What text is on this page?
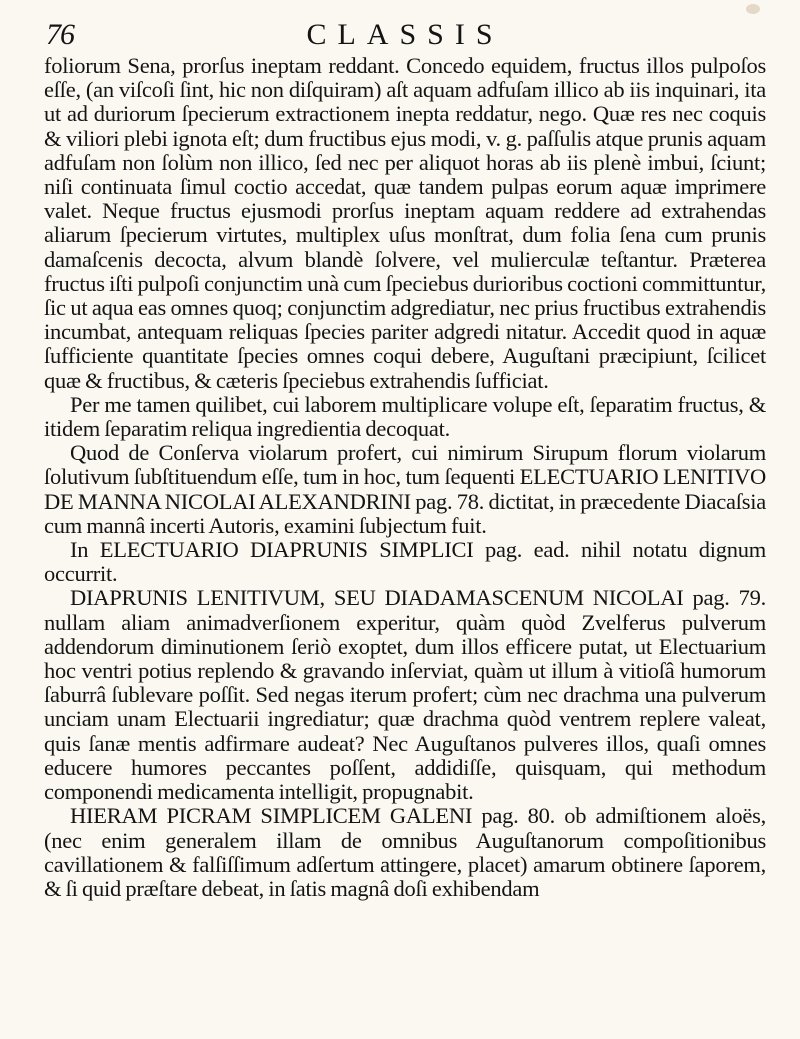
76	CLASSIS

foliorum Sena, prorſus ineptam reddant. Concedo equidem, fructus illos pulpoſos eſſe, (an viſcoſi ſint, hic non diſquiram) aſt aquam adfuſam illico ab iis inquinari, ita ut ad duriorum ſpecierum extractionem inepta reddatur, nego. Quæ res nec coquis & viliori plebi ignota eſt; dum fructibus ejus modi, v. g. paſſulis atque prunis aquam adfuſam non ſolùm non illico, ſed nec per aliquot horas ab iis plenè imbui, ſciunt; niſi continuata ſimul coctio accedat, quæ tandem pulpas eorum aquæ imprimere valet. Neque fructus ejusmodi prorſus ineptam aquam reddere ad extrahendas aliarum ſpecierum virtutes, multiplex uſus monſtrat, dum folia ſena cum prunis damaſcenis decocta, alvum blandè ſolvere, vel mulierculæ teſtantur. Præterea fructus iſti pulpoſi conjunctim unà cum ſpeciebus durioribus coctioni committuntur, ſic ut aqua eas omnes quoq; conjunctim adgrediatur, nec prius fructibus extrahendis incumbat, antequam reliquas ſpecies pariter adgredi nitatur. Accedit quod in aquæ ſufficiente quantitate ſpecies omnes coqui debere, Auguſtani præcipiunt, ſcilicet quæ & fructibus, & cæteris ſpeciebus extrahendis ſufficiat.

Per me tamen quilibet, cui laborem multiplicare volupe eſt, ſeparatim fructus, & itidem ſeparatim reliqua ingredientia decoquat.

Quod de Conſerva violarum profert, cui nimirum Sirupum florum violarum ſolutivum ſubſtituendum eſſe, tum in hoc, tum ſequenti ELECTUARIO LENITIVO DE MANNA NICOLAI ALEXANDRINI pag. 78. dictitat, in præcedente Diacaſsia cum mannâ incerti Autoris, examini ſubjectum fuit.

In ELECTUARIO DIAPRUNIS SIMPLICI pag. ead. nihil notatu dignum occurrit.

DIAPRUNIS LENITIVUM, SEU DIADAMASCENUM NICOLAI pag. 79. nullam aliam animadverſionem experitur, quàm quòd Zvelferus pulverum addendorum diminutionem ſeriò exoptet, dum illos efficere putat, ut Electuarium hoc ventri potius replendo & gravando inſerviat, quàm ut illum à vitioſâ humorum ſaburrâ ſublevare poſſit. Sed negas iterum profert; cùm nec drachma una pulverum unciam unam Electuarii ingrediatur; quæ drachma quòd ventrem replere valeat, quis ſanæ mentis adfirmare audeat? Nec Auguſtanos pulveres illos, quaſi omnes educere humores peccantes poſſent, addidiſſe, quisquam, qui methodum componendi medicamenta intelligit, propugnabit.

HIERAM PICRAM SIMPLICEM GALENI pag. 80. ob admiſtionem aloës, (nec enim generalem illam de omnibus Auguſtanorum compoſitionibus cavillationem & falſiſſimum adſertum attingere, placet) amarum obtinere ſaporem, & ſi quid præſtare debeat, in ſatis magnâ doſi exhibendam
